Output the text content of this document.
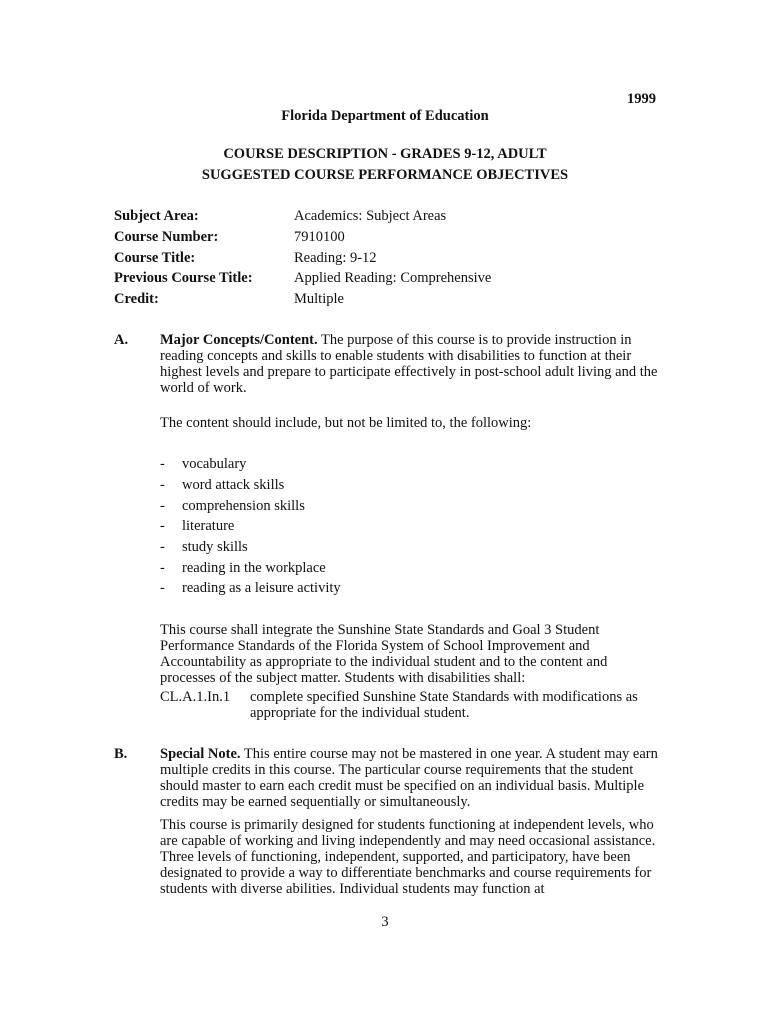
1999
Florida Department of Education
COURSE DESCRIPTION - GRADES 9-12, ADULT
SUGGESTED COURSE PERFORMANCE OBJECTIVES
Subject Area:	Academics: Subject Areas
Course Number:	7910100
Course Title:	Reading: 9-12
Previous Course Title:	Applied Reading: Comprehensive
Credit:	Multiple
A. Major Concepts/Content. The purpose of this course is to provide instruction in reading concepts and skills to enable students with disabilities to function at their highest levels and prepare to participate effectively in post-school adult living and the world of work.
The content should include, but not be limited to, the following:
- vocabulary
- word attack skills
- comprehension skills
- literature
- study skills
- reading in the workplace
- reading as a leisure activity
This course shall integrate the Sunshine State Standards and Goal 3 Student Performance Standards of the Florida System of School Improvement and Accountability as appropriate to the individual student and to the content and processes of the subject matter. Students with disabilities shall:
CL.A.1.In.1 complete specified Sunshine State Standards with modifications as
appropriate for the individual student.
B. Special Note. This entire course may not be mastered in one year. A student may earn multiple credits in this course. The particular course requirements that the student should master to earn each credit must be specified on an individual basis. Multiple credits may be earned sequentially or simultaneously.
This course is primarily designed for students functioning at independent levels, who are capable of working and living independently and may need occasional assistance. Three levels of functioning, independent, supported, and participatory, have been designated to provide a way to differentiate benchmarks and course requirements for students with diverse abilities. Individual students may function at
3
